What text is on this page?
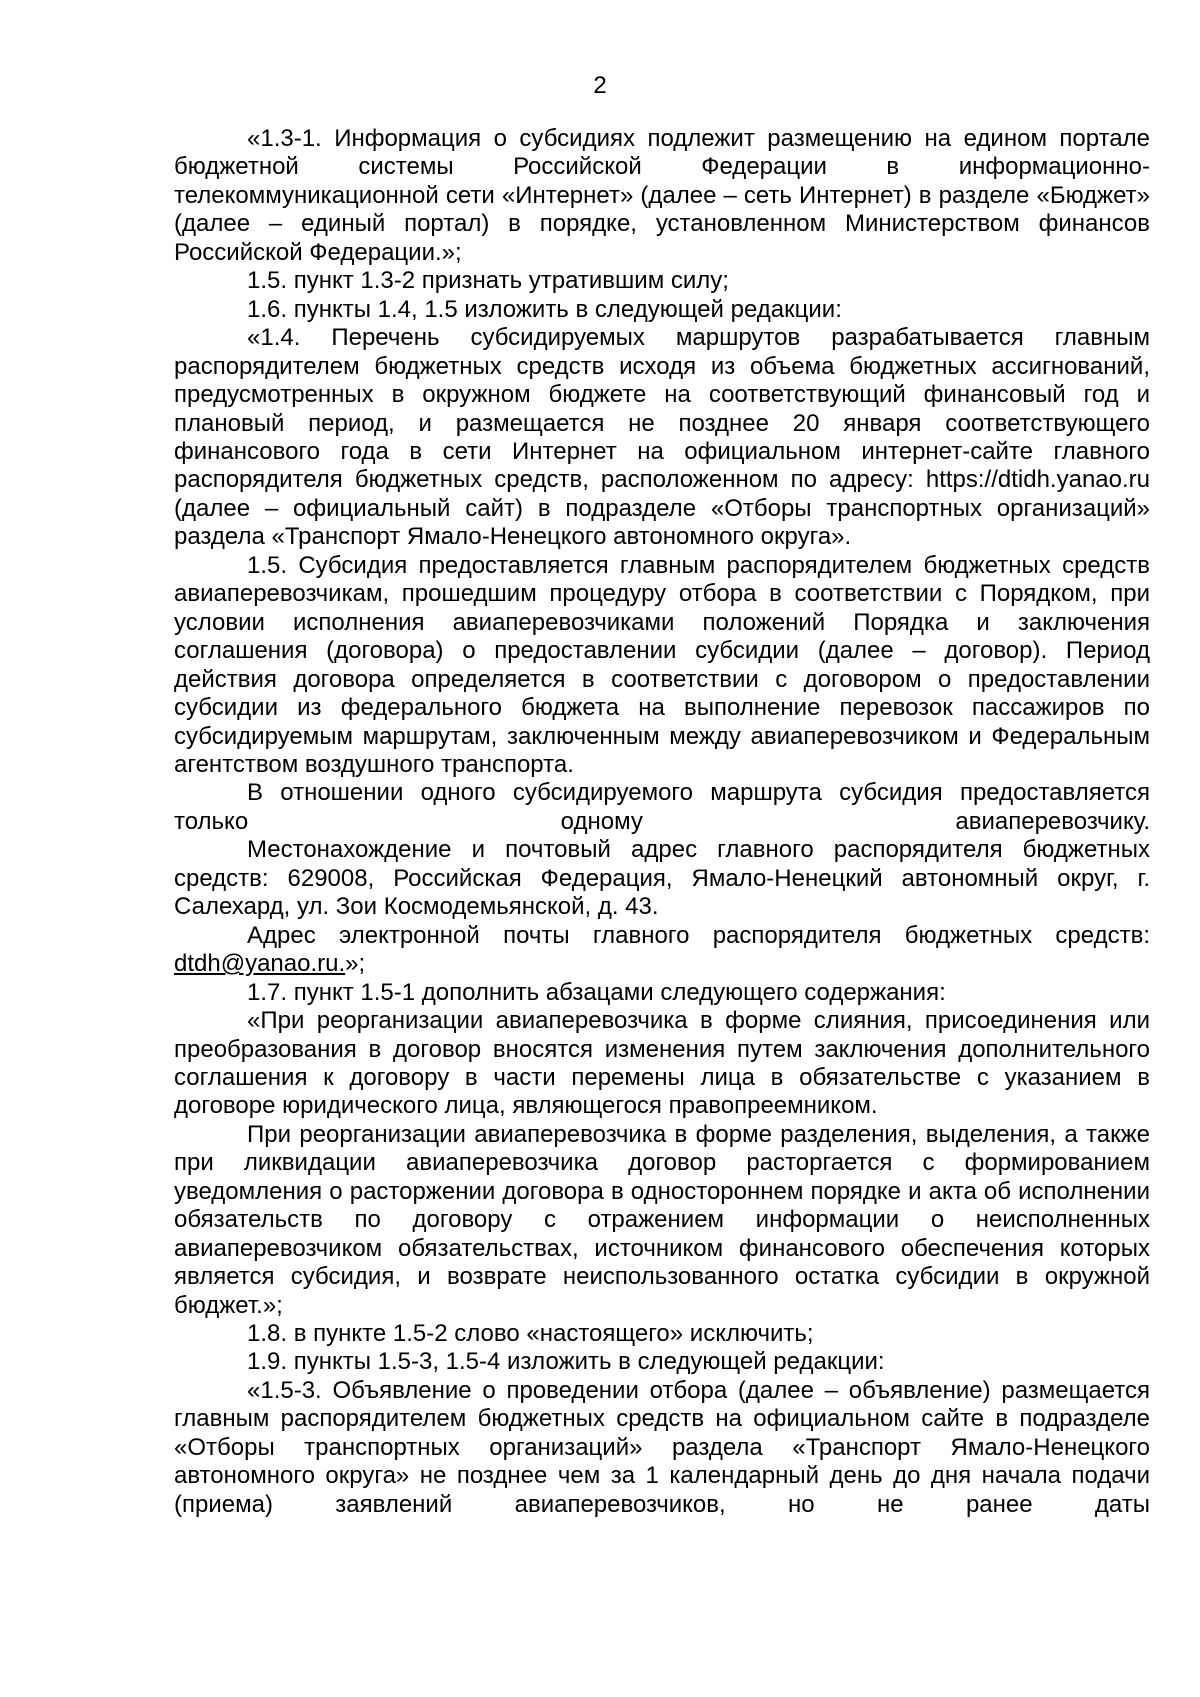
2

«1.3-1. Информация о субсидиях подлежит размещению на едином портале бюджетной системы Российской Федерации в информационно-телекоммуникационной сети «Интернет» (далее – сеть Интернет) в разделе «Бюджет» (далее – единый портал) в порядке, установленном Министерством финансов Российской Федерации.»;

1.5. пункт 1.3-2 признать утратившим силу;

1.6. пункты 1.4, 1.5 изложить в следующей редакции:

«1.4. Перечень субсидируемых маршрутов разрабатывается главным распорядителем бюджетных средств исходя из объема бюджетных ассигнований, предусмотренных в окружном бюджете на соответствующий финансовый год и плановый период, и размещается не позднее 20 января соответствующего финансового года в сети Интернет на официальном интернет-сайте главного распорядителя бюджетных средств, расположенном по адресу: https://dtidh.yanao.ru (далее – официальный сайт) в подразделе «Отборы транспортных организаций» раздела «Транспорт Ямало-Ненецкого автономного округа».

1.5. Субсидия предоставляется главным распорядителем бюджетных средств авиаперевозчикам, прошедшим процедуру отбора в соответствии с Порядком, при условии исполнения авиаперевозчиками положений Порядка и заключения соглашения (договора) о предоставлении субсидии (далее – договор). Период действия договора определяется в соответствии с договором о предоставлении субсидии из федерального бюджета на выполнение перевозок пассажиров по субсидируемым маршрутам, заключенным между авиаперевозчиком и Федеральным агентством воздушного транспорта.

В отношении одного субсидируемого маршрута субсидия предоставляется только одному авиаперевозчику.

Местонахождение и почтовый адрес главного распорядителя бюджетных средств: 629008, Российская Федерация, Ямало-Ненецкий автономный округ, г. Салехард, ул. Зои Космодемьянской, д. 43.

Адрес электронной почты главного распорядителя бюджетных средств: dtdh@yanao.ru.»;

1.7. пункт 1.5-1 дополнить абзацами следующего содержания:

«При реорганизации авиаперевозчика в форме слияния, присоединения или преобразования в договор вносятся изменения путем заключения дополнительного соглашения к договору в части перемены лица в обязательстве с указанием в договоре юридического лица, являющегося правопреемником.

При реорганизации авиаперевозчика в форме разделения, выделения, а также при ликвидации авиаперевозчика договор расторгается с формированием уведомления о расторжении договора в одностороннем порядке и акта об исполнении обязательств по договору с отражением информации о неисполненных авиаперевозчиком обязательствах, источником финансового обеспечения которых является субсидия, и возврате неиспользованного остатка субсидии в окружной бюджет.»;

1.8. в пункте 1.5-2 слово «настоящего» исключить;

1.9. пункты 1.5-3, 1.5-4 изложить в следующей редакции:

«1.5-3. Объявление о проведении отбора (далее – объявление) размещается главным распорядителем бюджетных средств на официальном сайте в подразделе «Отборы транспортных организаций» раздела «Транспорт Ямало-Ненецкого автономного округа» не позднее чем за 1 календарный день до дня начала подачи (приема) заявлений авиаперевозчиков, но не ранее даты
